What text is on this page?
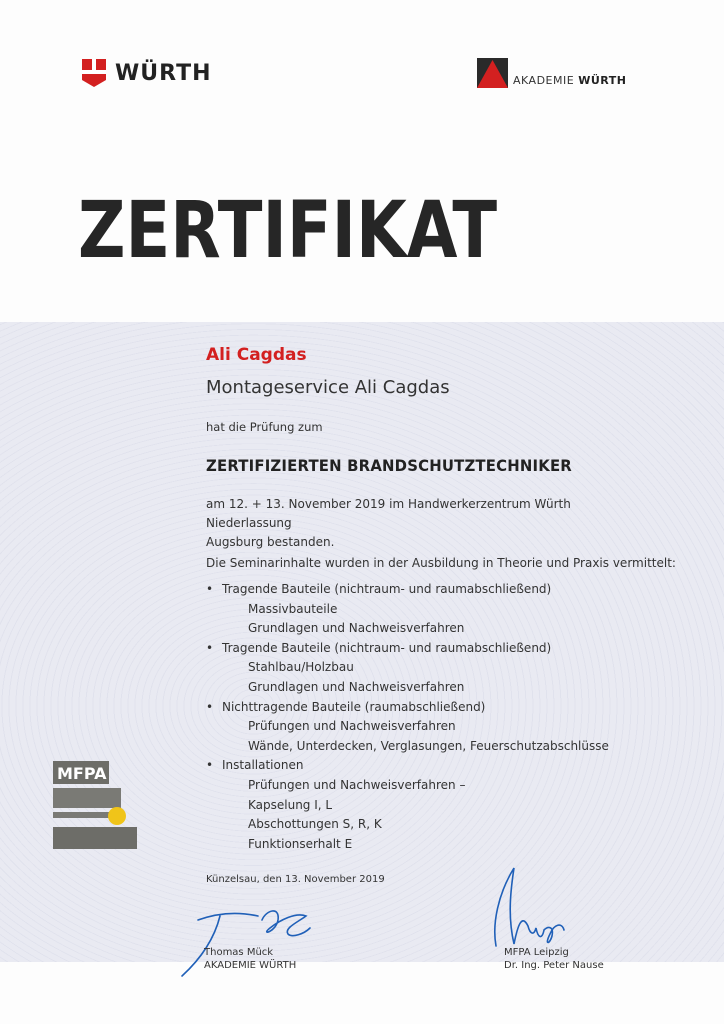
WÜRTH	AKADEMIE WÜRTH
ZERTIFIKAT
Ali Cagdas
Montageservice Ali Cagdas
hat die Prüfung zum
ZERTIFIZIERTEN BRANDSCHUTZTECHNIKER
am 12. + 13. November 2019 im Handwerkerzentrum Würth Niederlassung
Augsburg bestanden.
Die Seminarinhalte wurden in der Ausbildung in Theorie und Praxis vermittelt:
• Tragende Bauteile (nichtraum- und raumabschließend)
Massivbauteile
Grundlagen und Nachweisverfahren
• Tragende Bauteile (nichtraum- und raumabschließend)
Stahlbau/Holzbau
Grundlagen und Nachweisverfahren
• Nichttragende Bauteile (raumabschließend)
Prüfungen und Nachweisverfahren
Wände, Unterdecken, Verglasungen, Feuerschutzabschlüsse
• Installationen
Prüfungen und Nachweisverfahren –
Kapselung I, L
Abschottungen S, R, K
Funktionserhalt E
MFPA
Künzelsau, den 13. November 2019
Thomas Mück
AKADEMIE WÜRTH
MFPA Leipzig
Dr. Ing. Peter Nause
